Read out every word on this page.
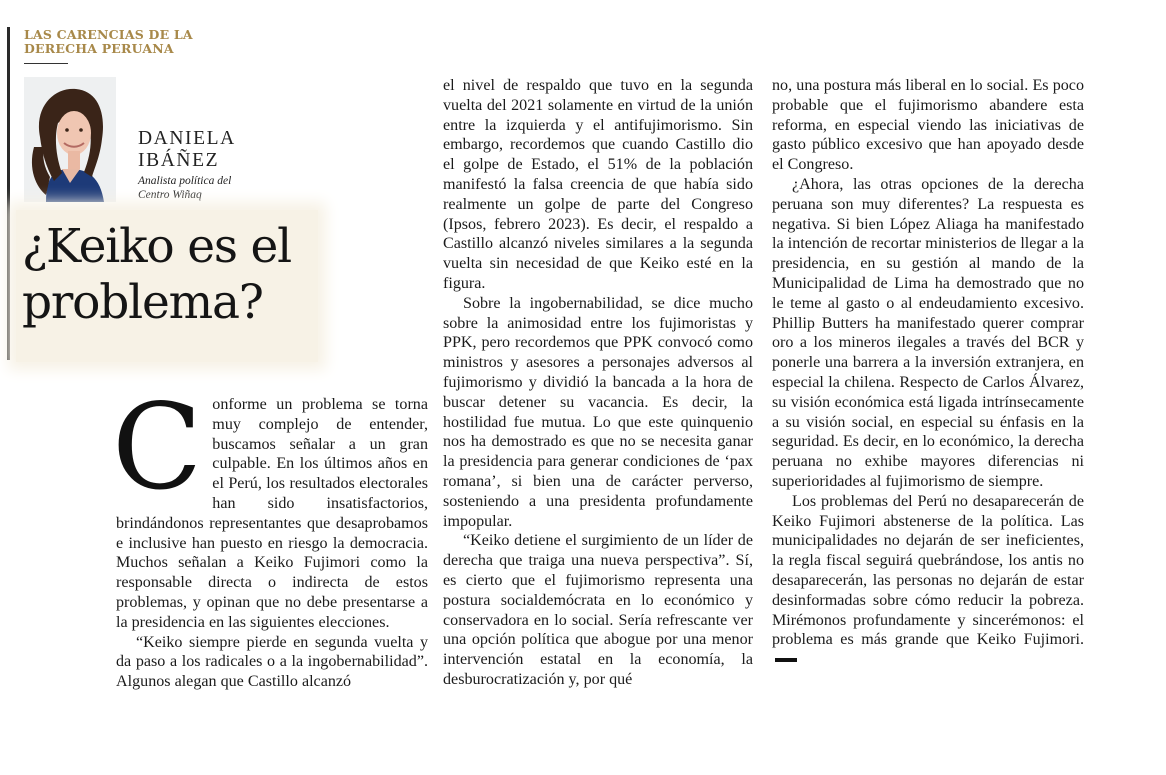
LAS CARENCIAS DE LA DERECHA PERUANA
DANIELA IBÁÑEZ
Analista política del Centro Wiñaq
¿Keiko es el problema?

Conforme un problema se torna muy complejo de entender, buscamos señalar a un gran culpable. En los últimos años en el Perú, los resultados electorales han sido insatisfactorios, brindándonos representantes que desaprobamos e inclusive han puesto en riesgo la democracia. Muchos señalan a Keiko Fujimori como la responsable directa o indirecta de estos problemas, y opinan que no debe presentarse a la presidencia en las siguientes elecciones.

“Keiko siempre pierde en segunda vuelta y da paso a los radicales o a la ingobernabilidad”. Algunos alegan que Castillo alcanzó

el nivel de respaldo que tuvo en la segunda vuelta del 2021 solamente en virtud de la unión entre la izquierda y el antifujimorismo. Sin embargo, recordemos que cuando Castillo dio el golpe de Estado, el 51% de la población manifestó la falsa creencia de que había sido realmente un golpe de parte del Congreso (Ipsos, febrero 2023). Es decir, el respaldo a Castillo alcanzó niveles similares a la segunda vuelta sin necesidad de que Keiko esté en la figura.

Sobre la ingobernabilidad, se dice mucho sobre la animosidad entre los fujimoristas y PPK, pero recordemos que PPK convocó como ministros y asesores a personajes adversos al fujimorismo y dividió la bancada a la hora de buscar detener su vacancia. Es decir, la hostilidad fue mutua. Lo que este quinquenio nos ha demostrado es que no se necesita ganar la presidencia para generar condiciones de ‘pax romana’, si bien una de carácter perverso, sosteniendo a una presidenta profundamente impopular.

“Keiko detiene el surgimiento de un líder de derecha que traiga una nueva perspectiva”. Sí, es cierto que el fujimorismo representa una postura socialdemócrata en lo económico y conservadora en lo social. Sería refrescante ver una opción política que abogue por una menor intervención estatal en la economía, la desburocratización y, por qué

no, una postura más liberal en lo social. Es poco probable que el fujimorismo abandere esta reforma, en especial viendo las iniciativas de gasto público excesivo que han apoyado desde el Congreso.

¿Ahora, las otras opciones de la derecha peruana son muy diferentes? La respuesta es negativa. Si bien López Aliaga ha manifestado la intención de recortar ministerios de llegar a la presidencia, en su gestión al mando de la Municipalidad de Lima ha demostrado que no le teme al gasto o al endeudamiento excesivo. Phillip Butters ha manifestado querer comprar oro a los mineros ilegales a través del BCR y ponerle una barrera a la inversión extranjera, en especial la chilena. Respecto de Carlos Álvarez, su visión económica está ligada intrínsecamente a su visión social, en especial su énfasis en la seguridad. Es decir, en lo económico, la derecha peruana no exhibe mayores diferencias ni superioridades al fujimorismo de siempre.

Los problemas del Perú no desaparecerán de Keiko Fujimori abstenerse de la política. Las municipalidades no dejarán de ser ineficientes, la regla fiscal seguirá quebrándose, los antis no desaparecerán, las personas no dejarán de estar desinformadas sobre cómo reducir la pobreza. Mirémonos profundamente y sincerémonos: el problema es más grande que Keiko Fujimori.
